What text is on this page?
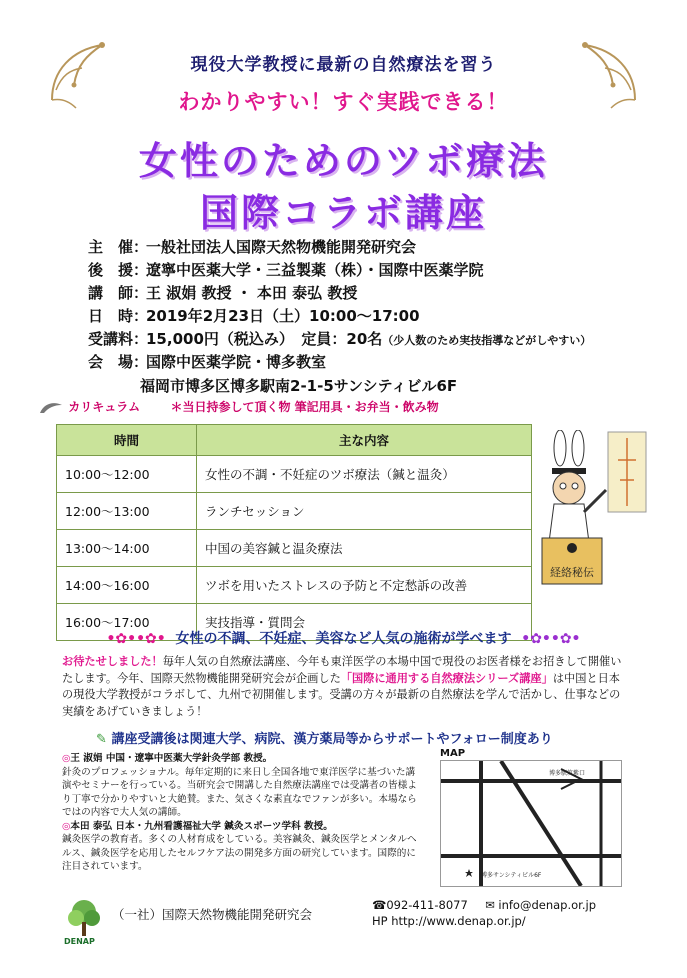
現役大学教授に最新の自然療法を習う
わかりやすい！すぐ実践できる！
女性のためのツボ療法
国際コラボ講座
主　催：一般社団法人国際天然物機能開発研究会
後　援：遼寧中医薬大学・三益製薬（株）・国際中医薬学院
講　師：王 淑娟 教授 ・ 本田 泰弘 教授
日　時：2019年2月23日（土）10:00～17:00
受講料：15,000円（税込み）　定員：20名（少人数のため実技指導などがしやすい）
会　場：国際中医薬学院・博多教室
福岡市博多区博多駅南2-1-5サンシティビル6F
カリキュラム	＊当日持参して頂く物 筆記用具・お弁当・飲み物
時間	主な内容
10:00～12:00	女性の不調・不妊症のツボ療法（鍼と温灸）
12:00～13:00	ランチセッション
13:00～14:00	中国の美容鍼と温灸療法
14:00～16:00	ツボを用いたストレスの予防と不定愁訴の改善
16:00～17:00	実技指導・質問会
経絡秘伝
•✿••✿• 女性の不調、不妊症、美容など人気の施術が学べます •✿••✿•
お待たせしました！毎年人気の自然療法講座、今年も東洋医学の本場中国で現役のお医者様をお招きして開催いたします。今年、国際天然物機能開発研究会が企画した「国際に通用する自然療法シリーズ講座」は中国と日本の現役大学教授がコラボして、九州で初開催します。受講の方々が最新の自然療法を学んで活かし、仕事などの実績をあげていきましょう！
✎ 講座受講後は関連大学、病院、漢方薬局等からサポートやフォロー制度あり
◎王 淑娟 中国・遼寧中医薬大学針灸学部 教授。
針灸のプロフェッショナル。毎年定期的に来日し全国各地で東洋医学に基づいた講演やセミナーを行っている。当研究会で開講した自然療法講座では受講者の皆様より丁寧で分かりやすいと大絶賛。また、気さくな素直なでファンが多い。本場ならではの内容で大人気の講師。
◎本田 泰弘 日本・九州看護福祉大学 鍼灸スポーツ学科 教授。
鍼灸医学の教育者。多くの人材育成をしている。美容鍼灸、鍼灸医学とメンタルヘルス、鍼灸医学を応用したセルフケア法の開発多方面の研究しています。国際的に注目されています。
MAP
博多駅筑紫口
博多サンシティビル6F
DENAP
（一社）国際天然物機能開発研究会
☎092-411-8077 ✉ info@denap.or.jp
HP http://www.denap.or.jp/
